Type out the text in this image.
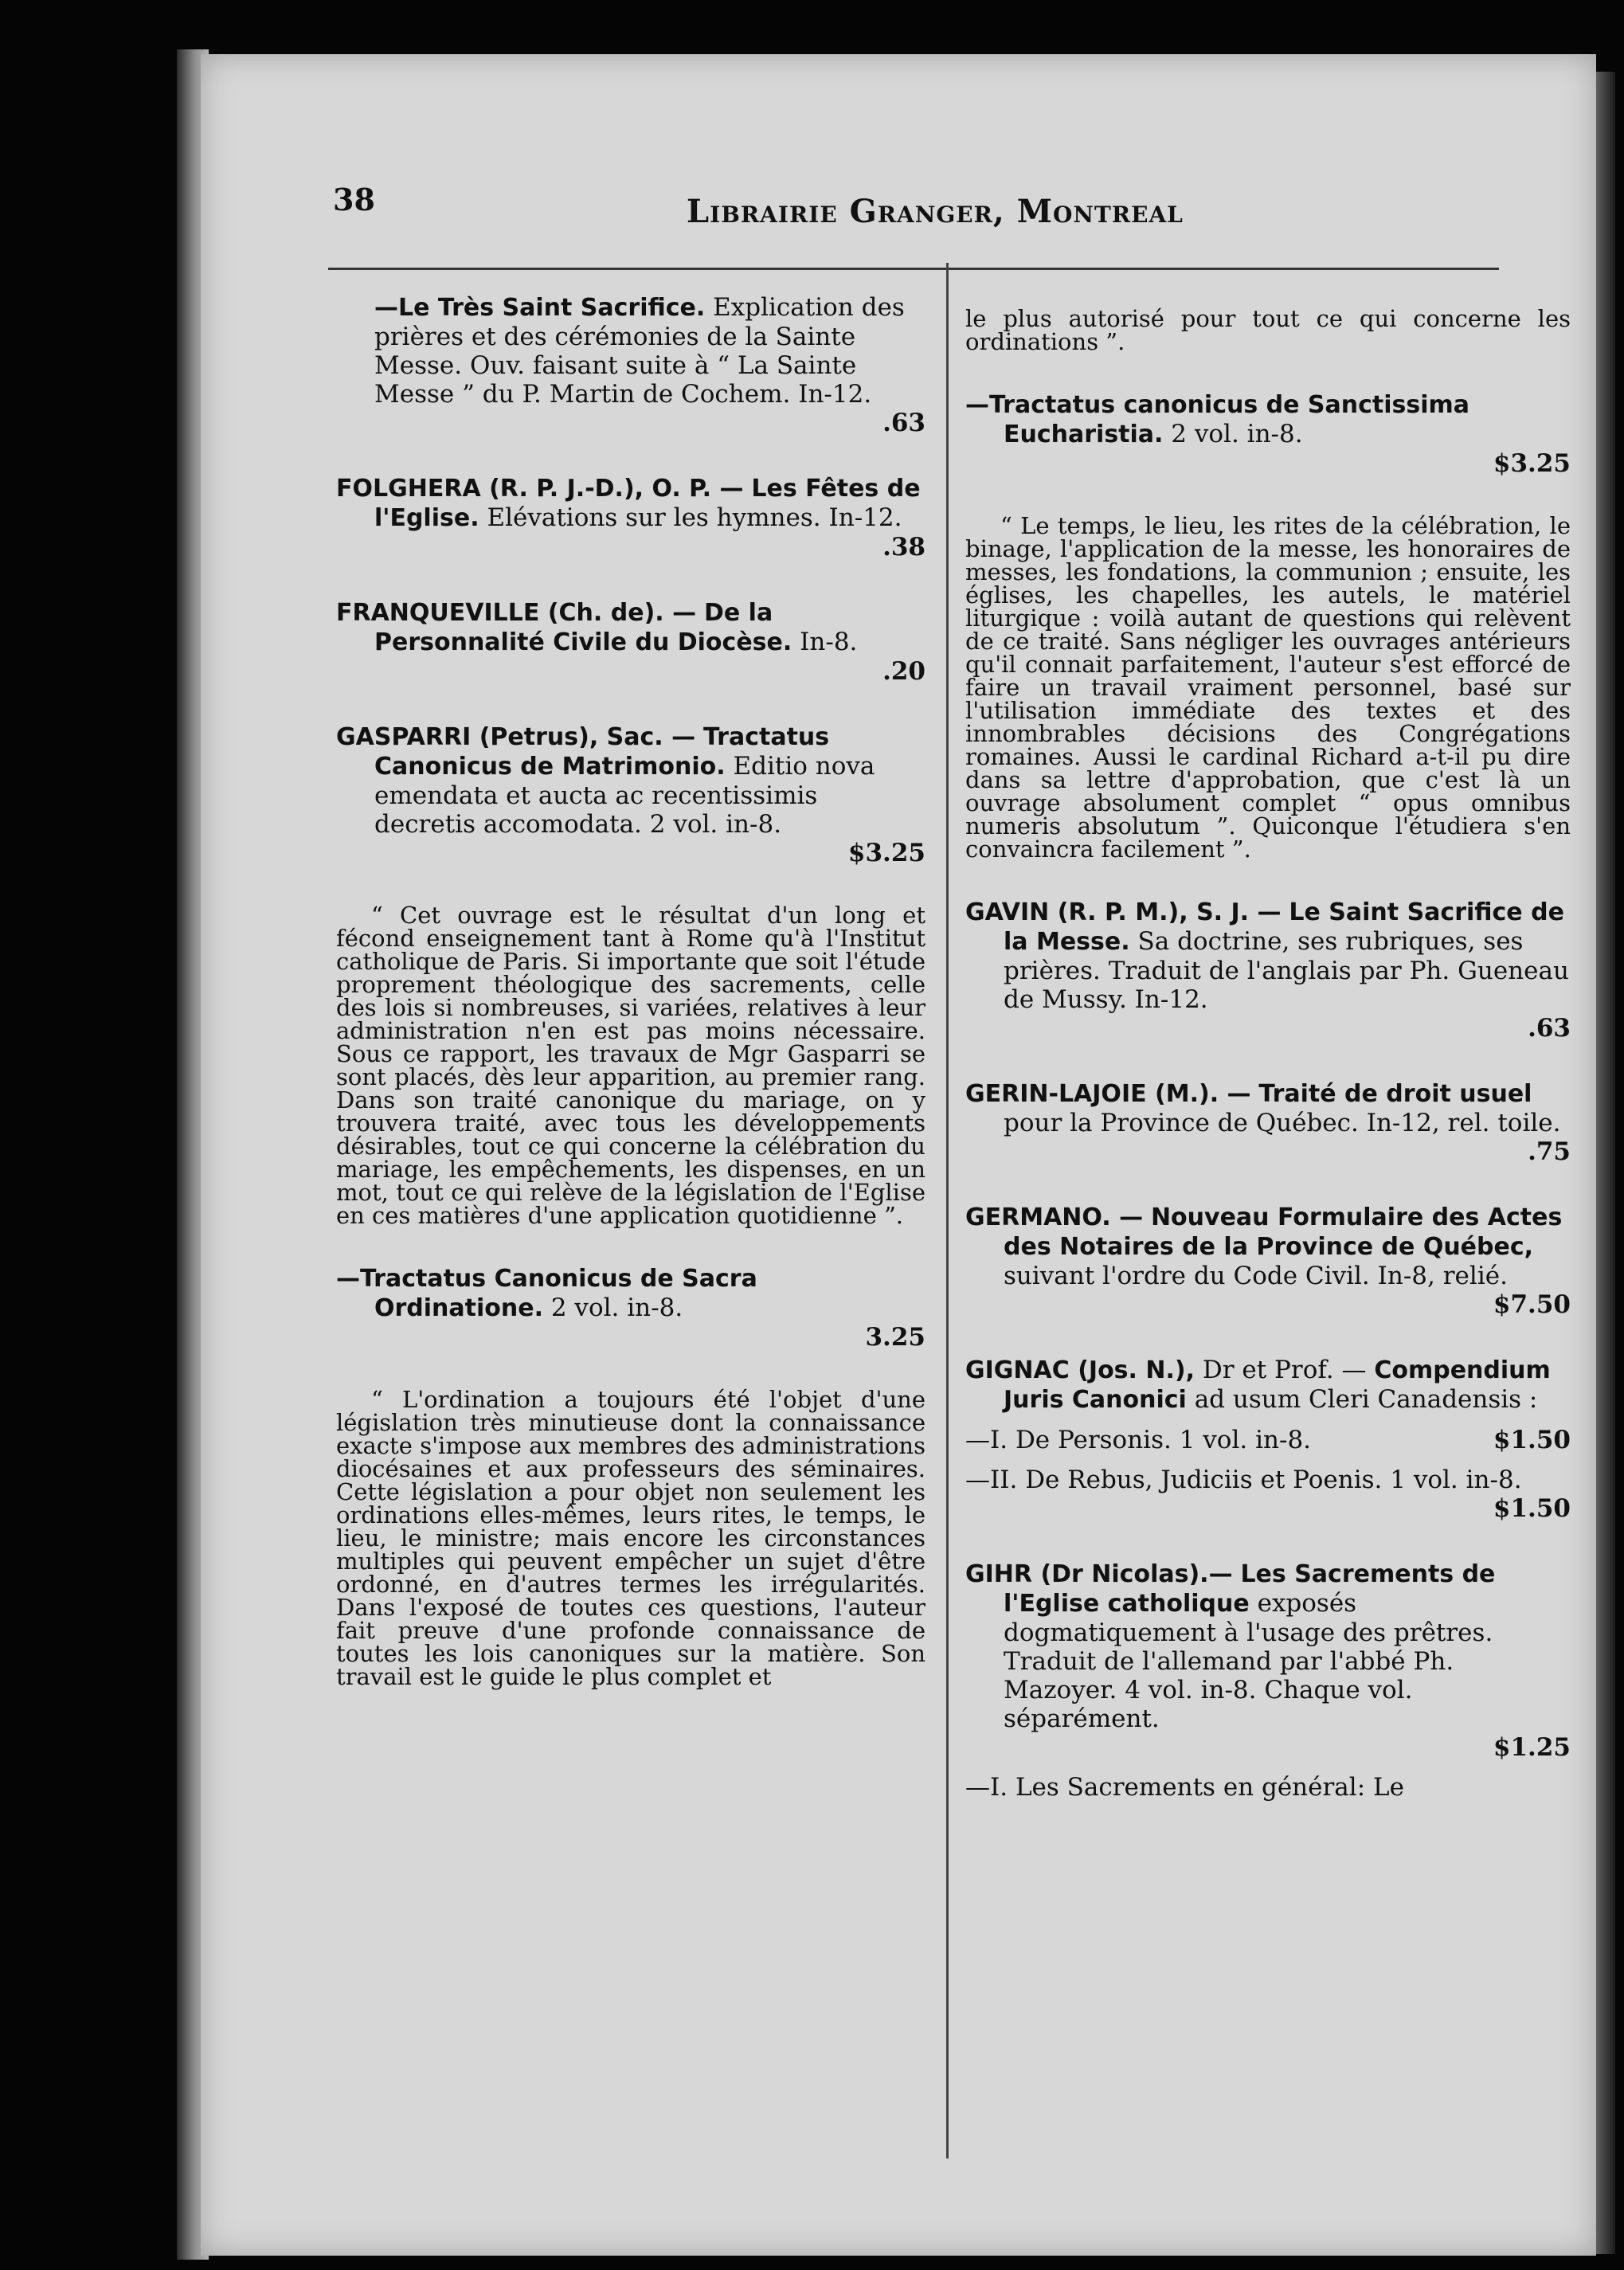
38	Librairie Granger, Montreal
—Le Très Saint Sacrifice. Explication des prières et des cérémonies de la Sainte Messe. Ouv. faisant suite à “ La Sainte Messe ” du P. Martin de Cochem. In-12.
.63
FOLGHERA (R. P. J.-D.), O. P. — Les Fêtes de l'Eglise. Elévations sur les hymnes. In-12.
.38
FRANQUEVILLE (Ch. de). — De la Personnalité Civile du Diocèse. In-8.
.20
GASPARRI (Petrus), Sac. — Tractatus Canonicus de Matrimonio. Editio nova emendata et aucta ac recentissimis decretis accomodata. 2 vol. in-8.
$3.25
“ Cet ouvrage est le résultat d'un long et fécond enseignement tant à Rome qu'à l'Institut catholique de Paris. Si importante que soit l'étude proprement théologique des sacrements, celle des lois si nombreuses, si variées, relatives à leur administration n'en est pas moins nécessaire. Sous ce rapport, les travaux de Mgr Gasparri se sont placés, dès leur apparition, au premier rang. Dans son traité canonique du mariage, on y trouvera traité, avec tous les développements désirables, tout ce qui concerne la célébration du mariage, les empêchements, les dispenses, en un mot, tout ce qui relève de la législation de l'Eglise en ces matières d'une application quotidienne ”.
—Tractatus Canonicus de Sacra Ordinatione. 2 vol. in-8.
3.25
“ L'ordination a toujours été l'objet d'une législation très minutieuse dont la connaissance exacte s'impose aux membres des administrations diocésaines et aux professeurs des séminaires. Cette législation a pour objet non seulement les ordinations elles-mêmes, leurs rites, le temps, le lieu, le ministre; mais encore les circonstances multiples qui peuvent empêcher un sujet d'être ordonné, en d'autres termes les irrégularités. Dans l'exposé de toutes ces questions, l'auteur fait preuve d'une profonde connaissance de toutes les lois canoniques sur la matière. Son travail est le guide le plus complet et
le plus autorisé pour tout ce qui concerne les ordinations ”.
—Tractatus canonicus de Sanctissima Eucharistia. 2 vol. in-8.
$3.25
“ Le temps, le lieu, les rites de la célébration, le binage, l'application de la messe, les honoraires de messes, les fondations, la communion ; ensuite, les églises, les chapelles, les autels, le matériel liturgique : voilà autant de questions qui relèvent de ce traité. Sans négliger les ouvrages antérieurs qu'il connait parfaitement, l'auteur s'est efforcé de faire un travail vraiment personnel, basé sur l'utilisation immédiate des textes et des innombrables décisions des Congrégations romaines. Aussi le cardinal Richard a-t-il pu dire dans sa lettre d'approbation, que c'est là un ouvrage absolument complet “ opus omnibus numeris absolutum ”. Quiconque l'étudiera s'en convaincra facilement ”.
GAVIN (R. P. M.), S. J. — Le Saint Sacrifice de la Messe. Sa doctrine, ses rubriques, ses prières. Traduit de l'anglais par Ph. Gueneau de Mussy. In-12.
.63
GERIN-LAJOIE (M.). — Traité de droit usuel pour la Province de Québec. In-12, rel. toile.
.75
GERMANO. — Nouveau Formulaire des Actes des Notaires de la Province de Québec, suivant l'ordre du Code Civil. In-8, relié.
$7.50
GIGNAC (Jos. N.), Dr et Prof. — Compendium Juris Canonici ad usum Cleri Canadensis :
—I. De Personis. 1 vol. in-8.	$1.50
—II. De Rebus, Judiciis et Poenis. 1 vol. in-8.
$1.50
GIHR (Dr Nicolas).— Les Sacrements de l'Eglise catholique exposés dogmatiquement à l'usage des prêtres. Traduit de l'allemand par l'abbé Ph. Mazoyer. 4 vol. in-8. Chaque vol. séparément.
$1.25
—I. Les Sacrements en général: Le
